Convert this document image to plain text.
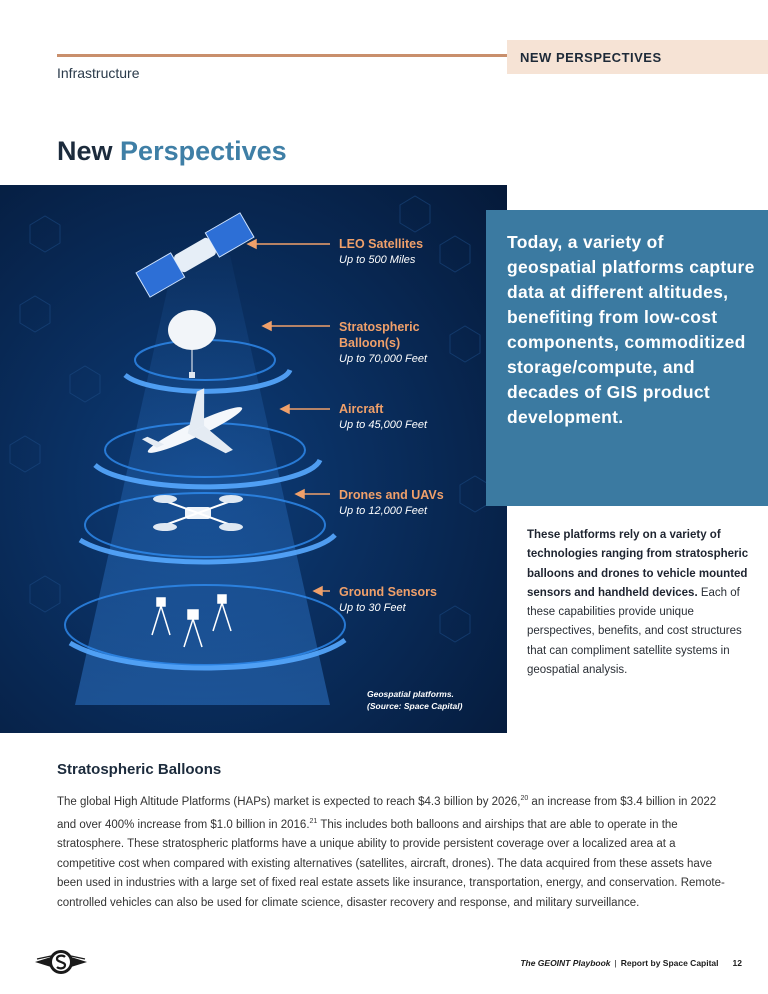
NEW PERSPECTIVES
Infrastructure
New Perspectives
LEO Satellites
Up to 500 Miles
Stratospheric
Balloon(s)
Up to 70,000 Feet
Aircraft
Up to 45,000 Feet
Drones and UAVs
Up to 12,000 Feet
Ground Sensors
Up to 30 Feet
Geospatial platforms.
(Source: Space Capital)

Today, a variety of geospatial platforms capture data at different altitudes, benefiting from low-cost components, commoditized storage/compute, and decades of GIS product development.

These platforms rely on a variety of technologies ranging from stratospheric balloons and drones to vehicle mounted sensors and handheld devices. Each of these capabilities provide unique perspectives, benefits, and cost structures that can compliment satellite systems in geospatial analysis.
Stratospheric Balloons
The global High Altitude Platforms (HAPs) market is expected to reach $4.3 billion by 2026,20 an increase from $3.4 billion in 2022 and over 400% increase from $1.0 billion in 2016.21 This includes both balloons and airships that are able to operate in the stratosphere. These stratospheric platforms have a unique ability to provide persistent coverage over a localized area at a competitive cost when compared with existing alternatives (satellites, aircraft, drones). The data acquired from these assets have been used in industries with a large set of fixed real estate assets like insurance, transportation, energy, and conservation. Remote-controlled vehicles can also be used for climate science, disaster recovery and response, and military surveillance.
The GEOINT Playbook | Report by Space Capital 12
